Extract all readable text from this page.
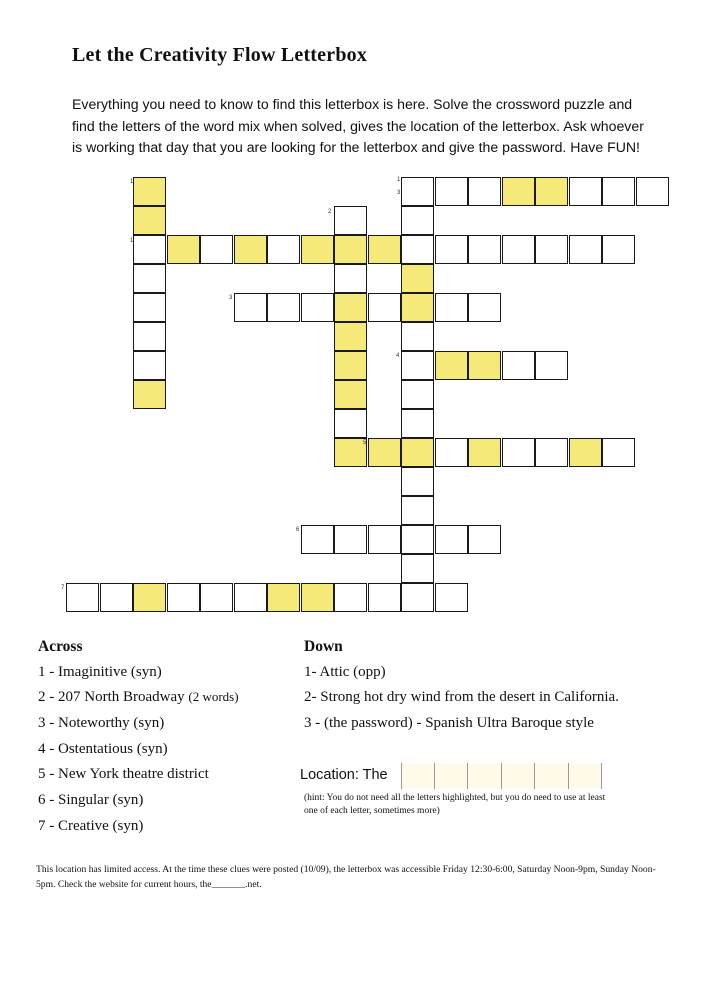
Let the Creativity Flow Letterbox
Everything you need to know to find this letterbox is here. Solve the crossword puzzle and
find the letters of the word mix when solved, gives the location of the letterbox. Ask whoever
is working that day that you are looking for the letterbox and give the password. Have FUN!
1
3
2
1
1
3
4
5
6
7
Across	Down
1 - Imaginitive (syn)
2 - 207 North Broadway (2 words)
3 - Noteworthy (syn)
4 - Ostentatious (syn)
5 - New York theatre district
6 - Singular (syn)
7 - Creative (syn)
1- Attic (opp)
2- Strong hot dry wind from the desert in California.
3 - (the password) - Spanish Ultra Baroque style
Location: The
(hint: You do not need all the letters highlighted, but you do need to use at least one of each letter, sometimes more)
This location has limited access. At the time these clues were posted (10/09), the letterbox was accessible Friday 12:30-6:00, Saturday Noon-9pm, Sunday Noon-5pm. Check the website for current hours, the_______.net.
